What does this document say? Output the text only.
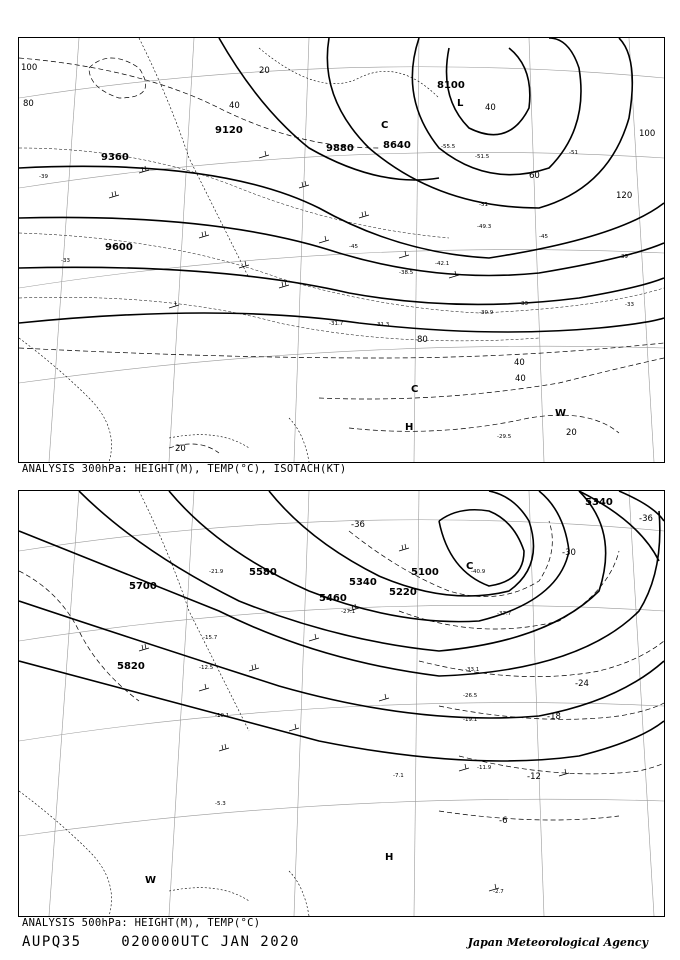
9120
9360
9600
9880	8640
8100
100
80	40
20
100
120
80
40
40
20
20
40
60
L
C
H
W
C
-39
-45
-51
-33
-33
-39
-45
-51
-33
-30.9
-31.3
-31.7
-38.5
-42.1
-49.3
-55.5
-51.5
-29.5
ANALYSIS 300hPa: HEIGHT(M), TEMP(°C), ISOTACH(KT)
5700
5580
5340
5460
5100
5220
5340
5820
-36
-30
-24
-18
-12
-6
-36
C
H
W
-40.9
-37.7
-33.1
-26.5
-19.1
-11.9
-7.1
-5.3
-2.7
-10.1
-12.5
-15.7
-21.9
-27.1
ANALYSIS 500hPa: HEIGHT(M), TEMP(°C)
AUPQ35	020000UTC JAN 2020	Japan Meteorological Agency
